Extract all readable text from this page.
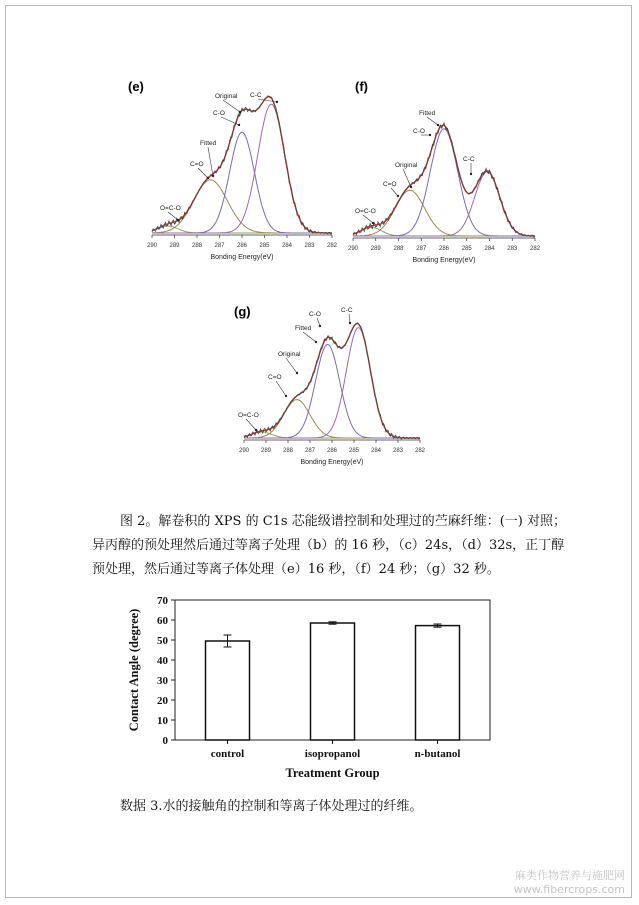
(e)
290 289 288 287 286 285 284 283 282
Bonding Energy(eV)
O=C-O
C=O
Fitted
C-O
Original C-C
(f)
290 289 288 287 286 285 284 283 282
Bonding Energy(eV)
O=C-O
C=O
Original
C-O
Fitted
C-C
(g)
290 289 288 287 286 285 284 283 282
Bonding Energy(eV)
O=C-O
C=O
Original
Fitted
C-O
C-C
图 2。解卷积的 XPS 的 C1s 芯能级谱控制和处理过的苎麻纤维：(一) 对照；
异丙醇的预处理然后通过等离子处理（b）的 16 秒，（c）24s，（d）32s，正丁醇
预处理，然后通过等离子体处理（e）16 秒，（f）24 秒；（g）32 秒。
0
10
20
30
40
50
60
70
control	isopropanol	n-butanol
Treatment Group
Contact Angle (degree)
数据 3.水的接触角的控制和等离子体处理过的纤维。
麻类作物营养与施肥网
www.fibercrops.com
